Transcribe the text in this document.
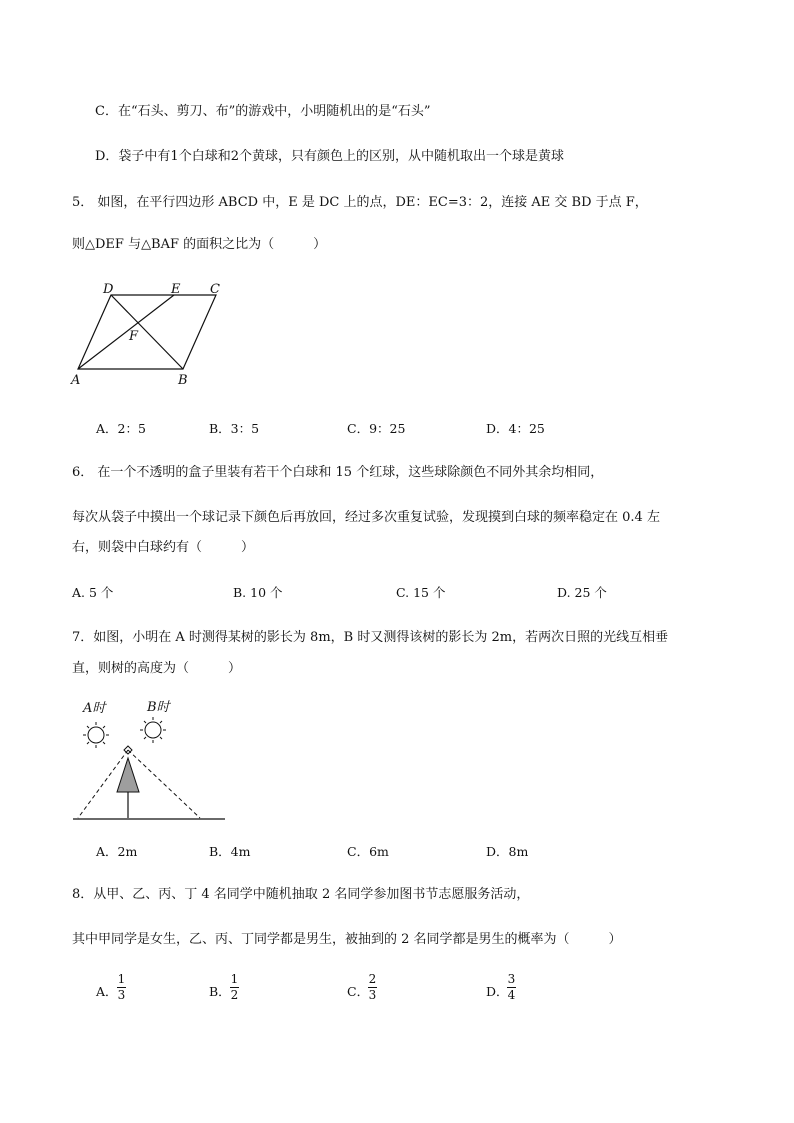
C．在“石头、剪刀、布”的游戏中，小明随机出的是“石头”
D．袋子中有1个白球和2个黄球，只有颜色上的区别，从中随机取出一个球是黄球
5． 如图，在平行四边形 ABCD 中，E 是 DC 上的点，DE：EC=3：2，连接 AE 交 BD 于点 F，
则△DEF 与△BAF 的面积之比为（　　　）
D	E C
F
A	B
A．2：5	B．3：5	C．9：25	D．4：25
6． 在一个不透明的盒子里装有若干个白球和 15 个红球，这些球除颜色不同外其余均相同，
每次从袋子中摸出一个球记录下颜色后再放回，经过多次重复试验，发现摸到白球的频率稳定在 0.4 左
右，则袋中白球约有（　　　）
A. 5 个	B. 10 个	C. 15 个	D. 25 个
7．如图，小明在 A 时测得某树的影长为 8m，B 时又测得该树的影长为 2m，若两次日照的光线互相垂
直，则树的高度为（　　　）
A时	B时
A．2m	B．4m	C．6m	D．8m
8．从甲、乙、丙、丁 4 名同学中随机抽取 2 名同学参加图书节志愿服务活动，
其中甲同学是女生，乙、丙、丁同学都是男生，被抽到的 2 名同学都是男生的概率为（　　　）
A．
1
3	B．
1
2	C．
2
3	D．
3
4
